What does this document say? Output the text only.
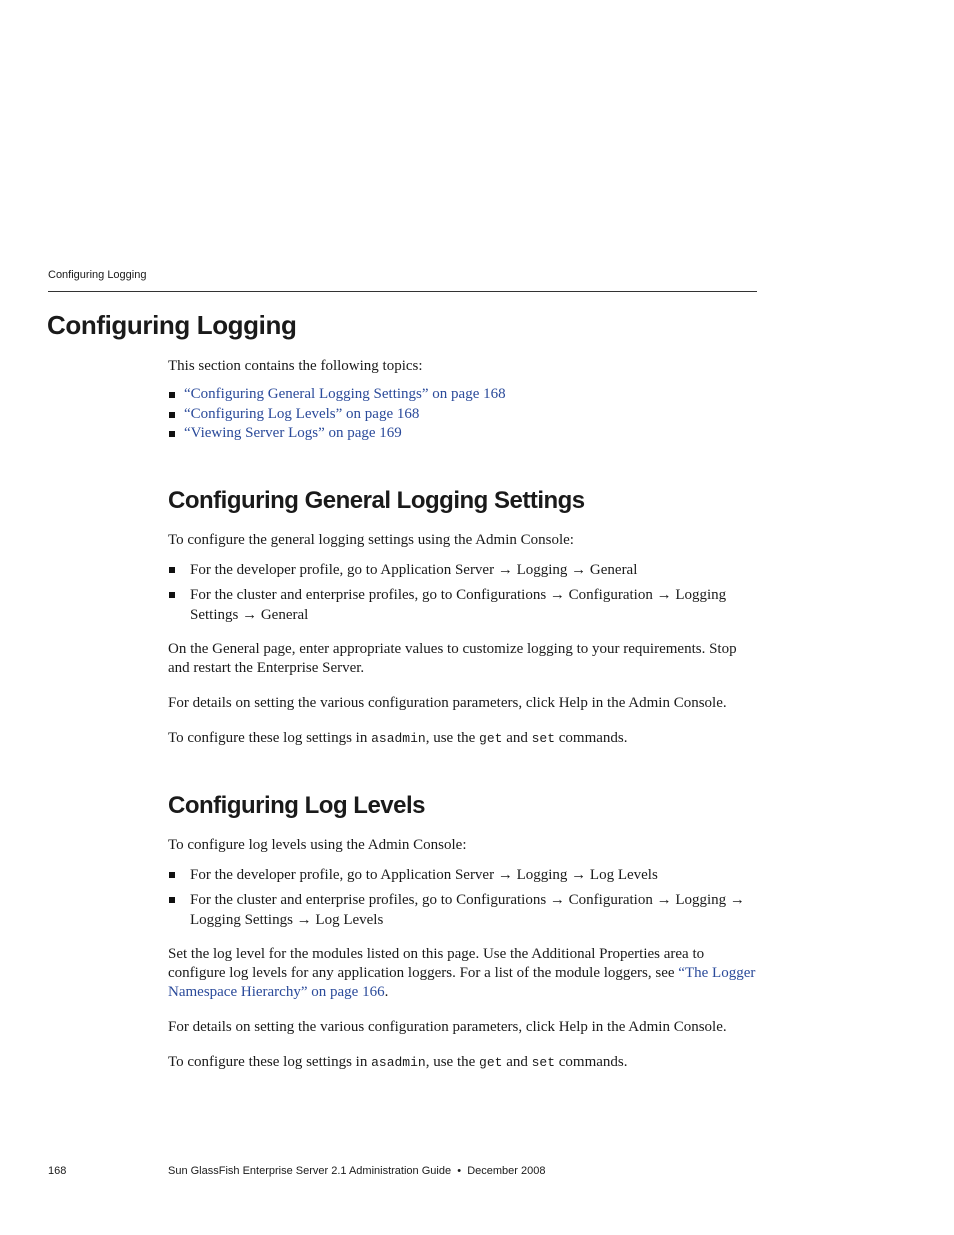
Configuring Logging
Configuring Logging

This section contains the following topics:

“Configuring General Logging Settings” on page 168
“Configuring Log Levels” on page 168
“Viewing Server Logs” on page 169
Configuring General Logging Settings

To configure the general logging settings using the Admin Console:

For the developer profile, go to Application Server → Logging → General
For the cluster and enterprise profiles, go to Configurations → Configuration → Logging Settings → General

On the General page, enter appropriate values to customize logging to your requirements. Stop and restart the Enterprise Server.

For details on setting the various configuration parameters, click Help in the Admin Console.

To configure these log settings in asadmin, use the get and set commands.

Configuring Log Levels

To configure log levels using the Admin Console:

For the developer profile, go to Application Server → Logging → Log Levels
For the cluster and enterprise profiles, go to Configurations → Configuration → Logging → Logging Settings → Log Levels

Set the log level for the modules listed on this page. Use the Additional Properties area to configure log levels for any application loggers. For a list of the module loggers, see “The Logger Namespace Hierarchy” on page 166.

For details on setting the various configuration parameters, click Help in the Admin Console.

To configure these log settings in asadmin, use the get and set commands.

168	Sun GlassFish Enterprise Server 2.1 Administration Guide • December 2008
